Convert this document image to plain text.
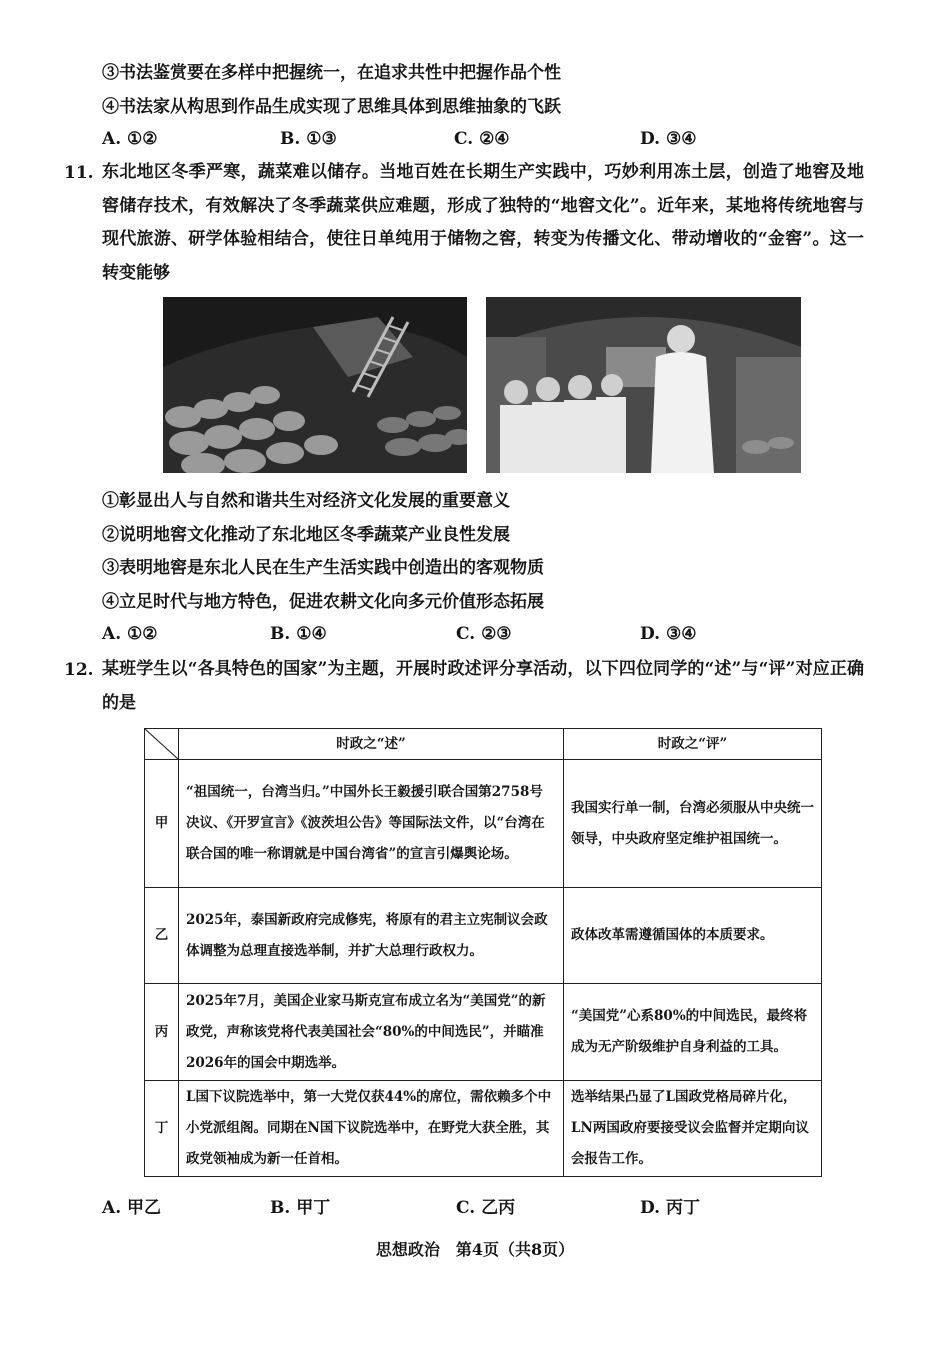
③书法鉴赏要在多样中把握统一，在追求共性中把握作品个性
④书法家从构思到作品生成实现了思维具体到思维抽象的飞跃
A. ①②	B. ①③	C. ②④	D. ③④
11. 东北地区冬季严寒，蔬菜难以储存。当地百姓在长期生产实践中，巧妙利用冻土层，创造了地窖及地窖储存技术，有效解决了冬季蔬菜供应难题，形成了独特的“地窖文化”。近年来，某地将传统地窖与现代旅游、研学体验相结合，使往日单纯用于储物之窖，转变为传播文化、带动增收的“金窖”。这一转变能够
①彰显出人与自然和谐共生对经济文化发展的重要意义
②说明地窖文化推动了东北地区冬季蔬菜产业良性发展
③表明地窖是东北人民在生产生活实践中创造出的客观物质
④立足时代与地方特色，促进农耕文化向多元价值形态拓展
A. ①②	B. ①④	C. ②③	D. ③④
12. 某班学生以“各具特色的国家”为主题，开展时政述评分享活动，以下四位同学的“述”与“评”对应正确的是
	时政之“述”	时政之“评”
甲	“祖国统一，台湾当归。”中国外长王毅援引联合国第2758号决议、《开罗宣言》《波茨坦公告》等国际法文件，以“台湾在联合国的唯一称谓就是中国台湾省”的宣言引爆舆论场。	我国实行单一制，台湾必须服从中央统一领导，中央政府坚定维护祖国统一。
乙	2025年，泰国新政府完成修宪，将原有的君主立宪制议会政体调整为总理直接选举制，并扩大总理行政权力。	政体改革需遵循国体的本质要求。
丙	2025年7月，美国企业家马斯克宣布成立名为“美国党”的新政党，声称该党将代表美国社会“80%的中间选民”，并瞄准2026年的国会中期选举。	“美国党”心系80%的中间选民，最终将成为无产阶级维护自身利益的工具。
丁	L国下议院选举中，第一大党仅获44%的席位，需依赖多个中小党派组阁。同期在N国下议院选举中，在野党大获全胜，其政党领袖成为新一任首相。	选举结果凸显了L国政党格局碎片化，LN两国政府要接受议会监督并定期向议会报告工作。
A. 甲乙	B. 甲丁	C. 乙丙	D. 丙丁
思想政治　第4页（共8页）
